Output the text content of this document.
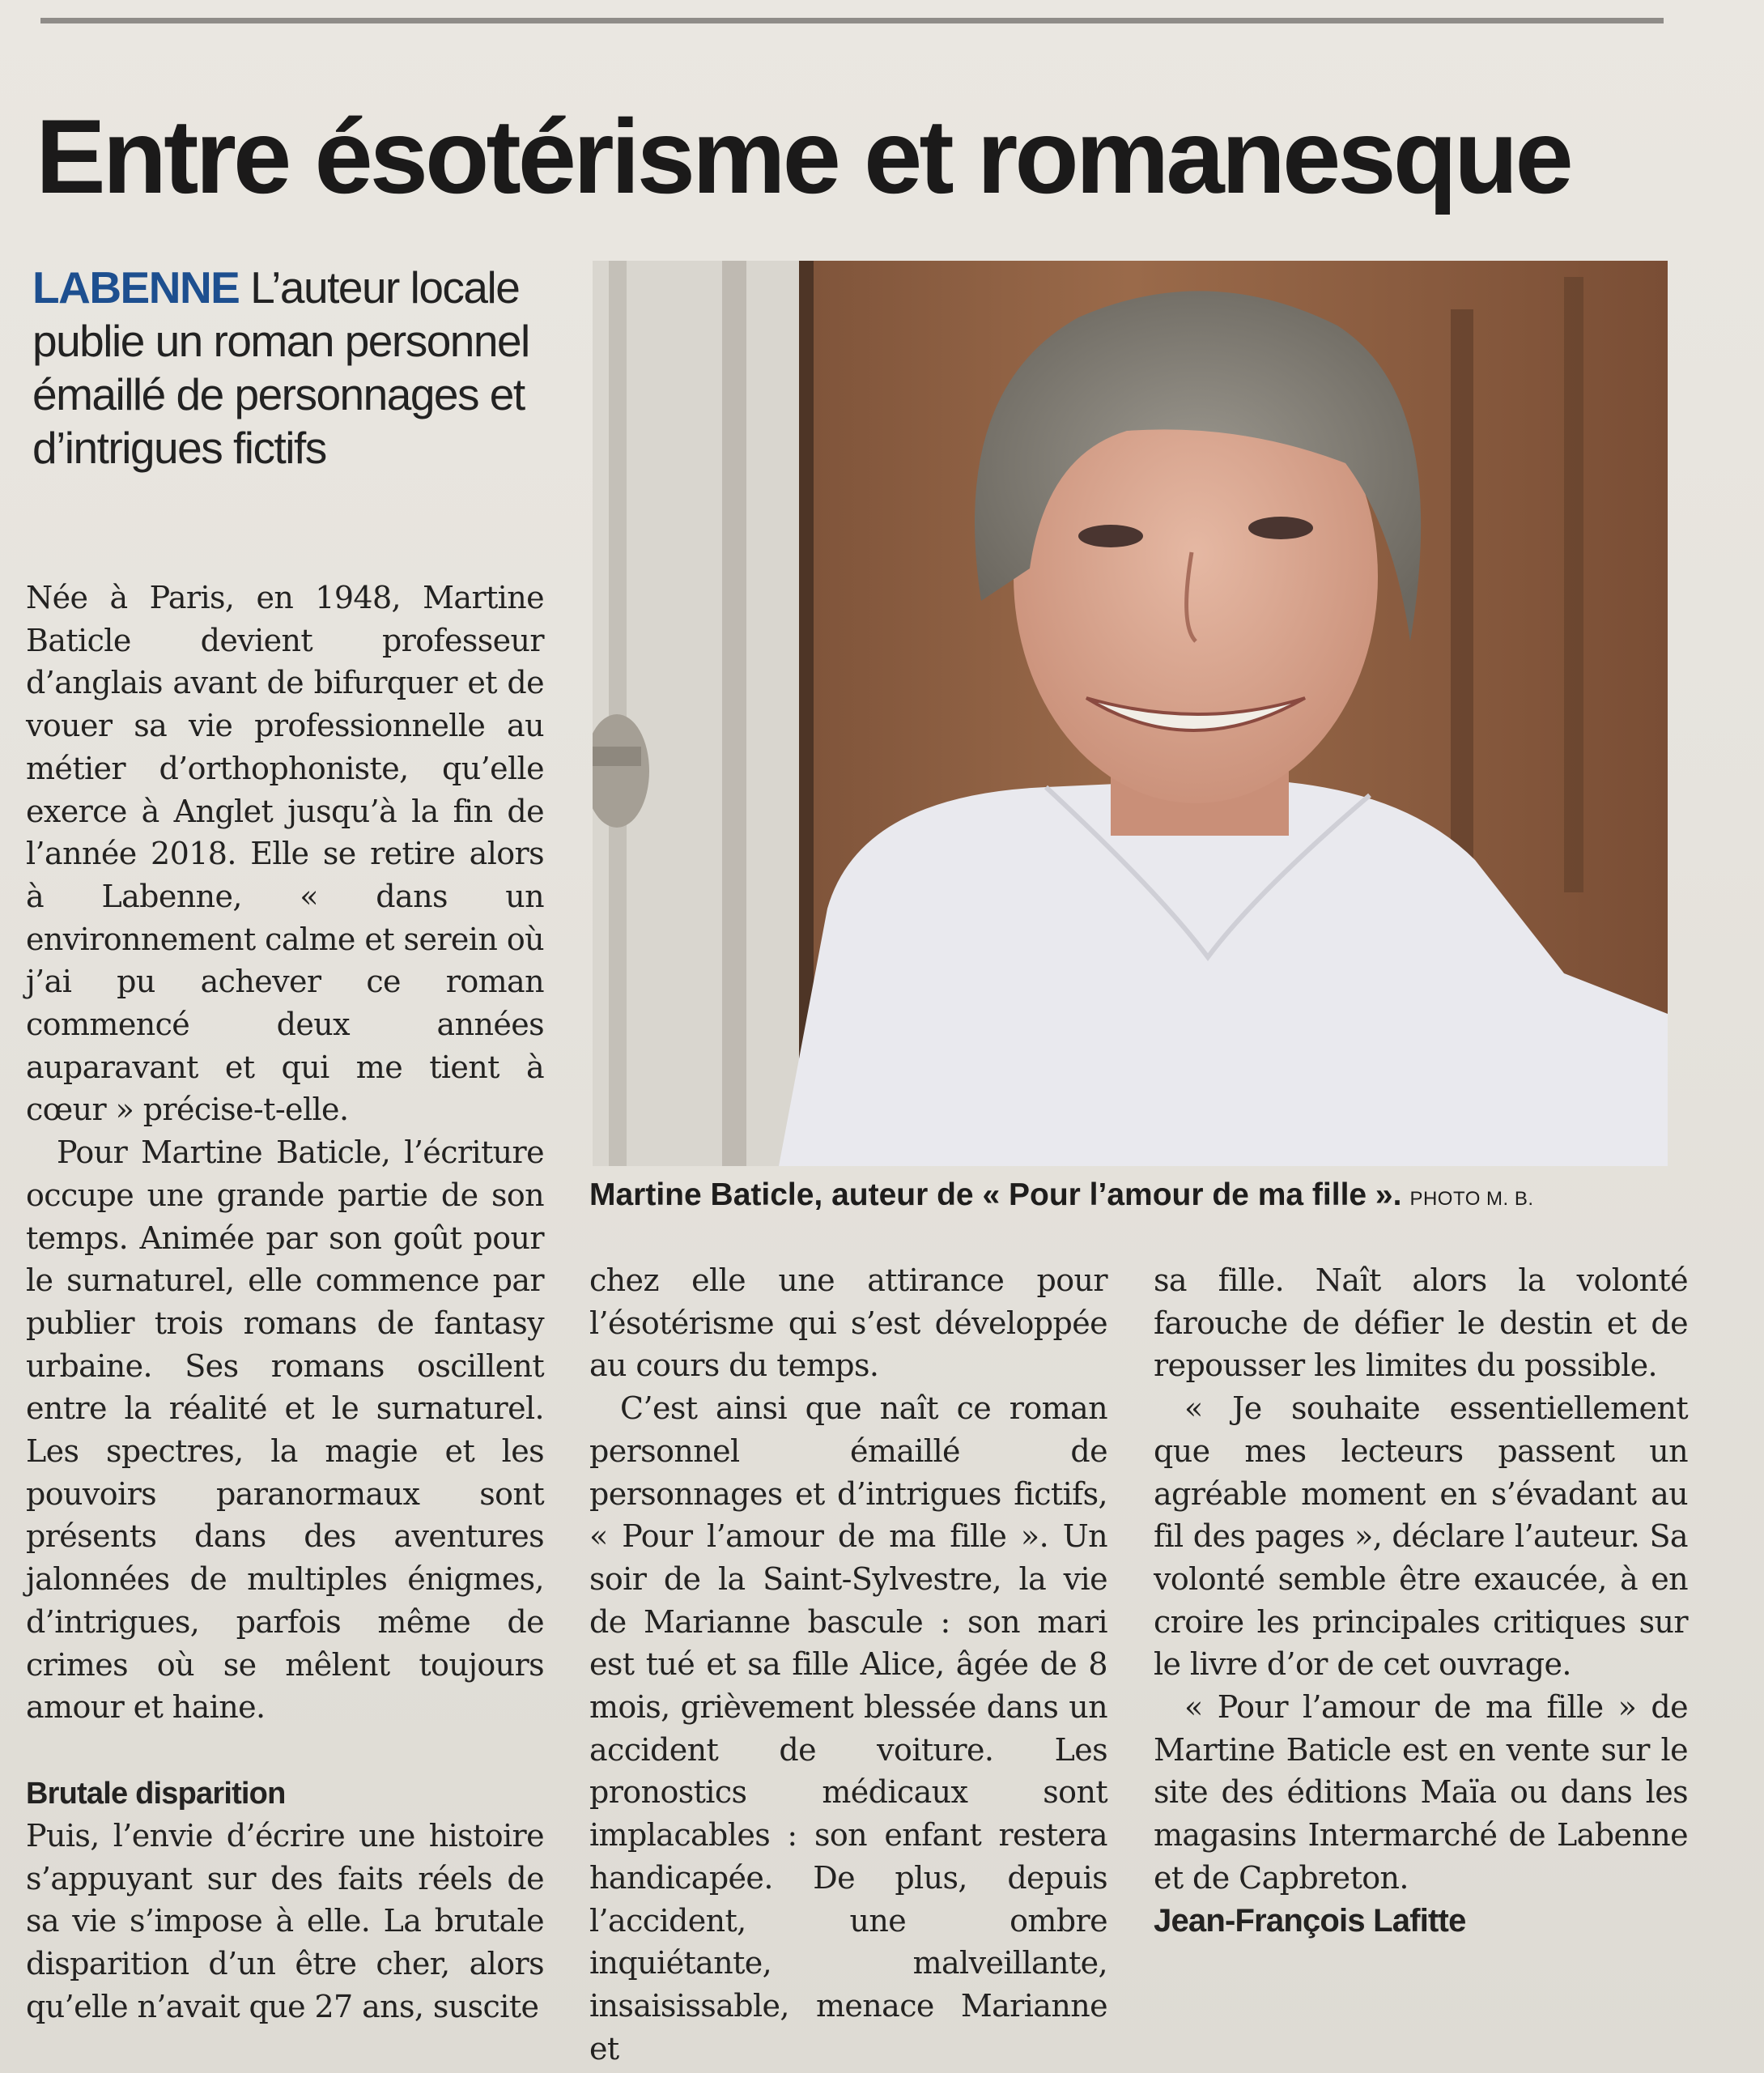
Entre ésotérisme et romanesque

LABENNE L’auteur locale publie un roman personnel émaillé de personnages et d’intrigues fictifs

Martine Baticle, auteur de « Pour l’amour de ma fille ». PHOTO M. B.

Née à Paris, en 1948, Martine Baticle devient professeur d’anglais avant de bifurquer et de vouer sa vie professionnelle au métier d’orthophoniste, qu’elle exerce à Anglet jusqu’à la fin de l’année 2018. Elle se retire alors à Labenne, « dans un environnement calme et serein où j’ai pu achever ce roman commencé deux années auparavant et qui me tient à cœur » précise-t-elle.

Pour Martine Baticle, l’écriture occupe une grande partie de son temps. Animée par son goût pour le surnaturel, elle commence par publier trois romans de fantasy urbaine. Ses romans oscillent entre la réalité et le surnaturel. Les spectres, la magie et les pouvoirs paranormaux sont présents dans des aventures jalonnées de multiples énigmes, d’intrigues, parfois même de crimes où se mêlent toujours amour et haine.

Brutale disparition

Puis, l’envie d’écrire une histoire s’appuyant sur des faits réels de sa vie s’impose à elle. La brutale disparition d’un être cher, alors qu’elle n’avait que 27 ans, suscite

chez elle une attirance pour l’ésotérisme qui s’est développée au cours du temps.

C’est ainsi que naît ce roman personnel émaillé de personnages et d’intrigues fictifs, « Pour l’amour de ma fille ». Un soir de la Saint-Sylvestre, la vie de Marianne bascule : son mari est tué et sa fille Alice, âgée de 8 mois, grièvement blessée dans un accident de voiture. Les pronostics médicaux sont implacables : son enfant restera handicapée. De plus, depuis l’accident, une ombre inquiétante, malveillante, insaisissable, menace Marianne et

sa fille. Naît alors la volonté farouche de défier le destin et de repousser les limites du possible.

« Je souhaite essentiellement que mes lecteurs passent un agréable moment en s’évadant au fil des pages », déclare l’auteur. Sa volonté semble être exaucée, à en croire les principales critiques sur le livre d’or de cet ouvrage.

« Pour l’amour de ma fille » de Martine Baticle est en vente sur le site des éditions Maïa ou dans les magasins Intermarché de Labenne et de Capbreton.

Jean-François Lafitte
